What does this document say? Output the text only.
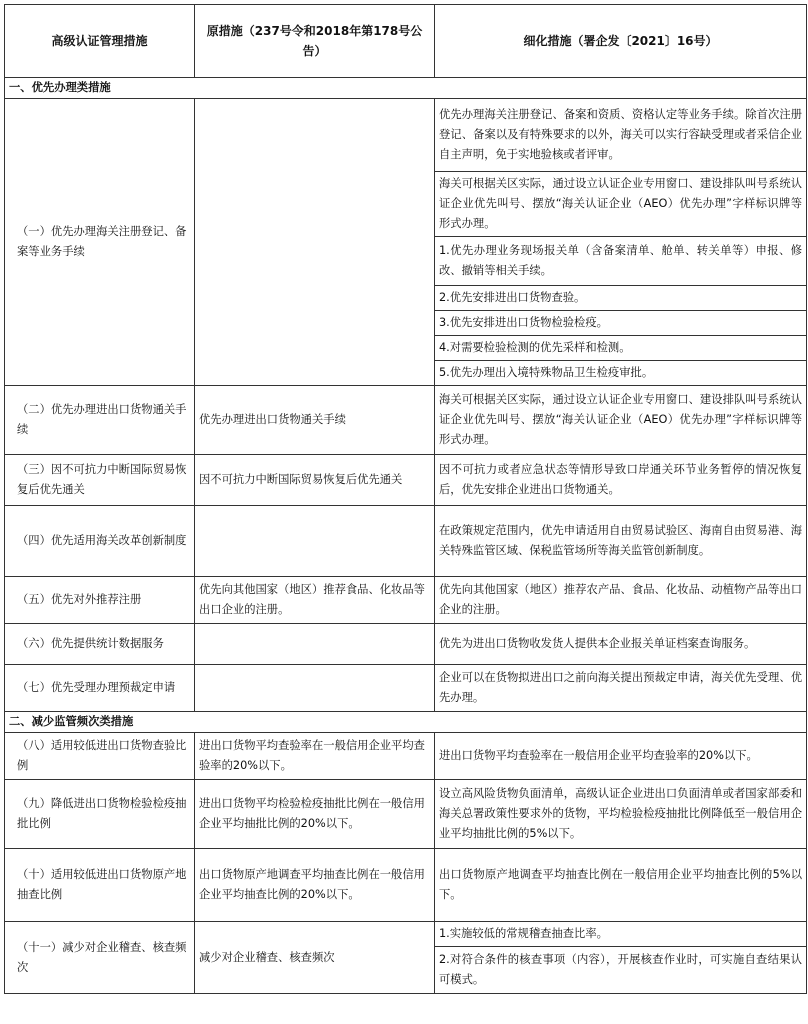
高级认证管理措施	原措施（237号令和2018年第178号公告）	细化措施（署企发〔2021〕16号）
一、优先办理类措施		
（一）优先办理海关注册登记、备案等业务手续		优先办理海关注册登记、备案和资质、资格认定等业务手续。除首次注册登记、备案以及有特殊要求的以外，海关可以实行容缺受理或者采信企业自主声明，免于实地验核或者评审。
		海关可根据关区实际，通过设立认证企业专用窗口、建设排队叫号系统认证企业优先叫号、摆放“海关认证企业（AEO）优先办理”字样标识牌等形式办理。
		1.优先办理业务现场报关单（含备案清单、舱单、转关单等）申报、修改、撤销等相关手续。
		2.优先安排进出口货物查验。
		3.优先安排进出口货物检验检疫。
		4.对需要检验检测的优先采样和检测。
		5.优先办理出入境特殊物品卫生检疫审批。
（二）优先办理进出口货物通关手续	优先办理进出口货物通关手续	海关可根据关区实际，通过设立认证企业专用窗口、建设排队叫号系统认证企业优先叫号、摆放“海关认证企业（AEO）优先办理”字样标识牌等形式办理。
（三）因不可抗力中断国际贸易恢复后优先通关	因不可抗力中断国际贸易恢复后优先通关	因不可抗力或者应急状态等情形导致口岸通关环节业务暂停的情况恢复后，优先安排企业进出口货物通关。
（四）优先适用海关改革创新制度		在政策规定范围内，优先申请适用自由贸易试验区、海南自由贸易港、海关特殊监管区域、保税监管场所等海关监管创新制度。
（五）优先对外推荐注册	优先向其他国家（地区）推荐食品、化妆品等出口企业的注册。	优先向其他国家（地区）推荐农产品、食品、化妆品、动植物产品等出口企业的注册。
（六）优先提供统计数据服务		优先为进出口货物收发货人提供本企业报关单证档案查询服务。
（七）优先受理办理预裁定申请		企业可以在货物拟进出口之前向海关提出预裁定申请，海关优先受理、优先办理。
二、减少监管频次类措施		
（八）适用较低进出口货物查验比例	进出口货物平均查验率在一般信用企业平均查验率的20%以下。	进出口货物平均查验率在一般信用企业平均查验率的20%以下。
（九）降低进出口货物检验检疫抽批比例	进出口货物平均检验检疫抽批比例在一般信用企业平均抽批比例的20%以下。	设立高风险货物负面清单，高级认证企业进出口负面清单或者国家部委和海关总署政策性要求外的货物，平均检验检疫抽批比例降低至一般信用企业平均抽批比例的5%以下。
（十）适用较低进出口货物原产地抽查比例	出口货物原产地调查平均抽查比例在一般信用企业平均抽查比例的20%以下。	出口货物原产地调查平均抽查比例在一般信用企业平均抽查比例的5%以下。
（十一）减少对企业稽查、核查频次	减少对企业稽查、核查频次	1.实施较低的常规稽查抽查比率。
		2.对符合条件的核查事项（内容），开展核查作业时，可实施自查结果认可模式。
